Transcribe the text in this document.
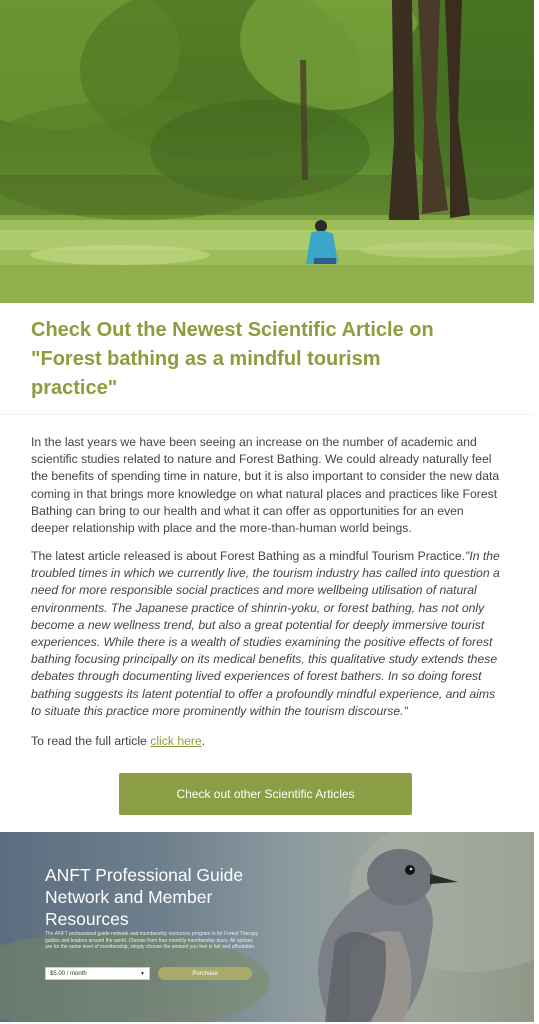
Check Out the Newest Scientific Article on "Forest bathing as a mindful tourism practice"

In the last years we have been seeing an increase on the number of academic and scientific studies related to nature and Forest Bathing. We could already naturally feel the benefits of spending time in nature, but it is also important to consider the new data coming in that brings more knowledge on what natural places and practices like Forest Bathing can bring to our health and what it can offer as opportunities for an even deeper relationship with place and the more-than-human world beings.

The latest article released is about Forest Bathing as a mindful Tourism Practice."In the troubled times in which we currently live, the tourism industry has called into question a need for more responsible social practices and more wellbeing utilisation of natural environments. The Japanese practice of shinrin-yoku, or forest bathing, has not only become a new wellness trend, but also a great potential for deeply immersive tourist experiences. While there is a wealth of studies examining the positive effects of forest bathing focusing principally on its medical benefits, this qualitative study extends these debates through documenting lived experiences of forest bathers. In so doing forest bathing suggests its latent potential to offer a profoundly mindful experience, and aims to situate this practice more prominently within the tourism discourse."

To read the full article click here.

Check out other Scientific Articles
ANFT Professional Guide Network and Member Resources

The ANFT professional guide network and membership resources program is for Forest Therapy guides and leaders around the world. Choose from four monthly membership dues. All options are for the same level of membership; simply choose the amount you feel is fair and affordable.

$5.00 / month	▼	Purchase
